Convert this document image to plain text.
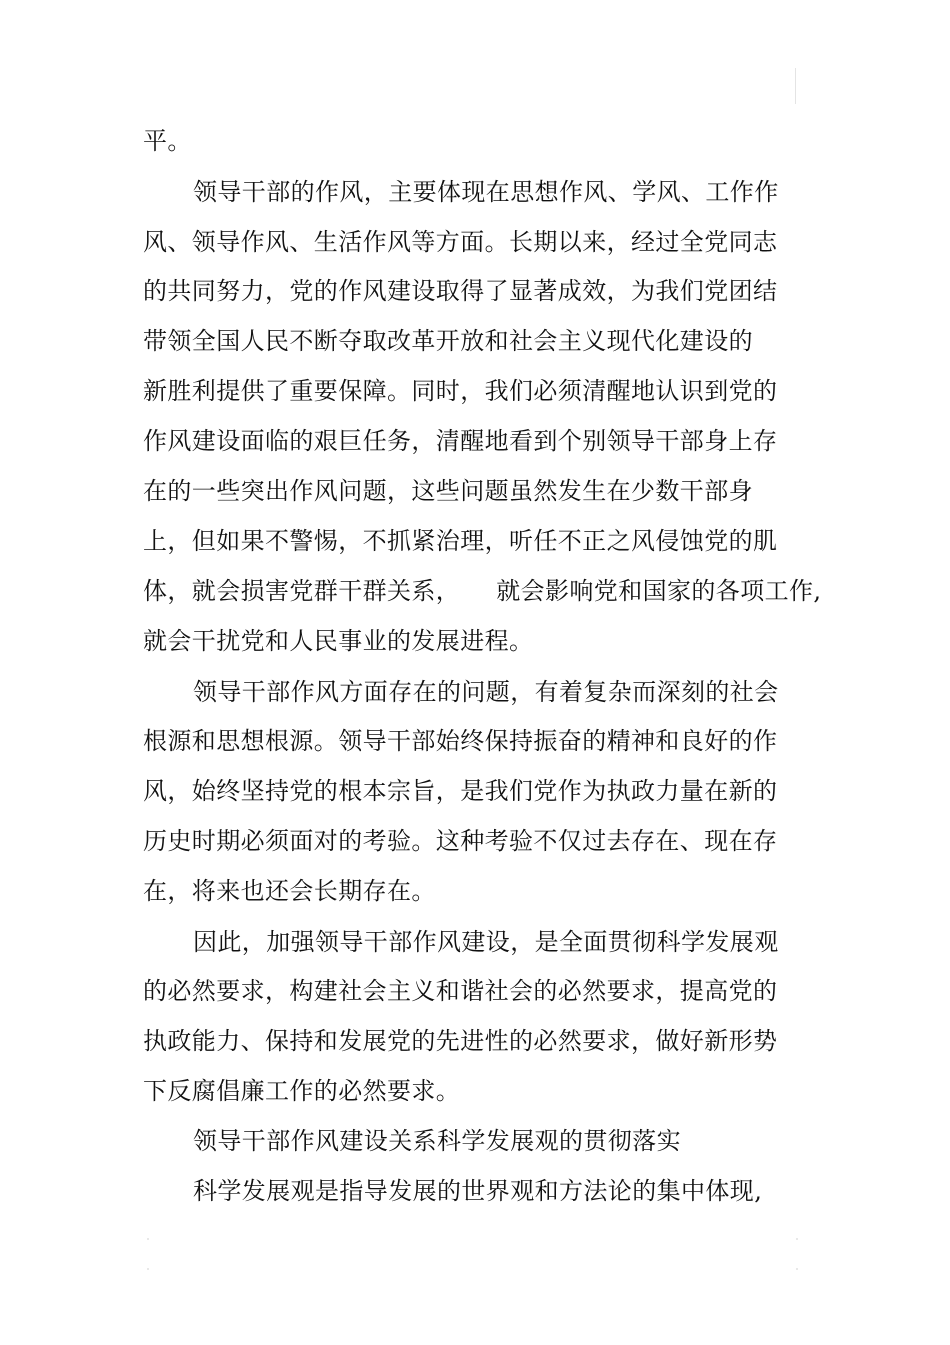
平。
领导干部的作风，主要体现在思想作风、学风、工作作
风、领导作风、生活作风等方面。长期以来，经过全党同志
的共同努力，党的作风建设取得了显著成效，为我们党团结
带领全国人民不断夺取改革开放和社会主义现代化建设的
新胜利提供了重要保障。同时，我们必须清醒地认识到党的
作风建设面临的艰巨任务，清醒地看到个别领导干部身上存
在的一些突出作风问题，这些问题虽然发生在少数干部身
上，但如果不警惕，不抓紧治理，听任不正之风侵蚀党的肌
体，就会损害党群干群关系， 就会影响党和国家的各项工作,
就会干扰党和人民事业的发展进程。
领导干部作风方面存在的问题，有着复杂而深刻的社会
根源和思想根源。领导干部始终保持振奋的精神和良好的作
风，始终坚持党的根本宗旨，是我们党作为执政力量在新的
历史时期必须面对的考验。这种考验不仅过去存在、现在存
在，将来也还会长期存在。
因此，加强领导干部作风建设，是全面贯彻科学发展观
的必然要求，构建社会主义和谐社会的必然要求，提高党的
执政能力、保持和发展党的先进性的必然要求，做好新形势
下反腐倡廉工作的必然要求。
领导干部作风建设关系科学发展观的贯彻落实
科学发展观是指导发展的世界观和方法论的集中体现,
